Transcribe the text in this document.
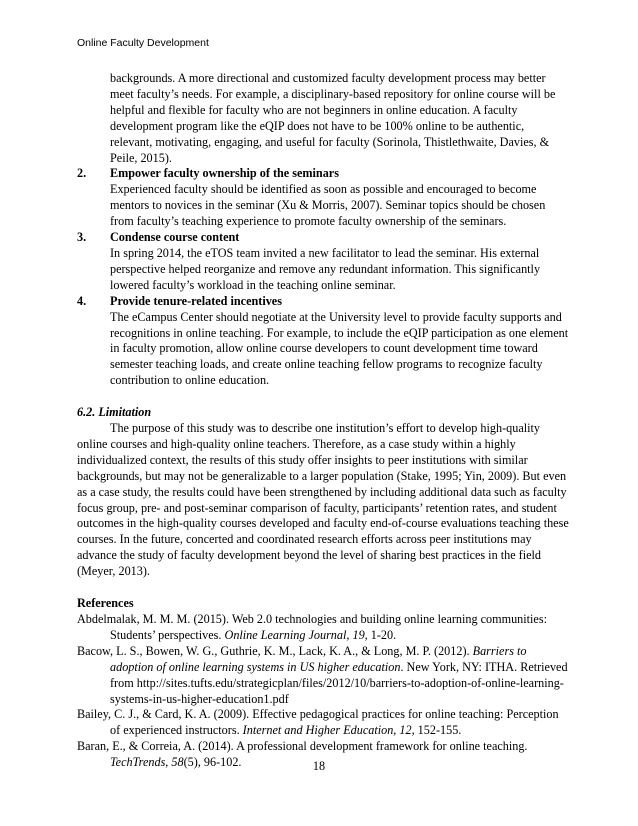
Online Faculty Development

backgrounds. A more directional and customized faculty development process may better meet faculty’s needs. For example, a disciplinary-based repository for online course will be helpful and flexible for faculty who are not beginners in online education. A faculty development program like the eQIP does not have to be 100% online to be authentic, relevant, motivating, engaging, and useful for faculty (Sorinola, Thistlethwaite, Davies, & Peile, 2015).

2.	Empower faculty ownership of the seminars

Experienced faculty should be identified as soon as possible and encouraged to become mentors to novices in the seminar (Xu & Morris, 2007). Seminar topics should be chosen from faculty’s teaching experience to promote faculty ownership of the seminars.

3.	Condense course content

In spring 2014, the eTOS team invited a new facilitator to lead the seminar. His external perspective helped reorganize and remove any redundant information. This significantly lowered faculty’s workload in the teaching online seminar.

4.	Provide tenure-related incentives

The eCampus Center should negotiate at the University level to provide faculty supports and recognitions in online teaching. For example, to include the eQIP participation as one element in faculty promotion, allow online course developers to count development time toward semester teaching loads, and create online teaching fellow programs to recognize faculty contribution to online education.

6.2. Limitation

The purpose of this study was to describe one institution’s effort to develop high-quality online courses and high-quality online teachers. Therefore, as a case study within a highly individualized context, the results of this study offer insights to peer institutions with similar backgrounds, but may not be generalizable to a larger population (Stake, 1995; Yin, 2009). But even as a case study, the results could have been strengthened by including additional data such as faculty focus group, pre- and post-seminar comparison of faculty, participants’ retention rates, and student outcomes in the high-quality courses developed and faculty end-of-course evaluations teaching these courses. In the future, concerted and coordinated research efforts across peer institutions may advance the study of faculty development beyond the level of sharing best practices in the field (Meyer, 2013).

References

Abdelmalak, M. M. M. (2015). Web 2.0 technologies and building online learning communities: Students’ perspectives. Online Learning Journal, 19, 1-20.

Bacow, L. S., Bowen, W. G., Guthrie, K. M., Lack, K. A., & Long, M. P. (2012). Barriers to adoption of online learning systems in US higher education. New York, NY: ITHA. Retrieved from http://sites.tufts.edu/strategicplan/files/2012/10/barriers-to-adoption-of-online-learning-systems-in-us-higher-education1.pdf

Bailey, C. J., & Card, K. A. (2009). Effective pedagogical practices for online teaching: Perception of experienced instructors. Internet and Higher Education, 12, 152-155.

Baran, E., & Correia, A. (2014). A professional development framework for online teaching. TechTrends, 58(5), 96-102.	18
